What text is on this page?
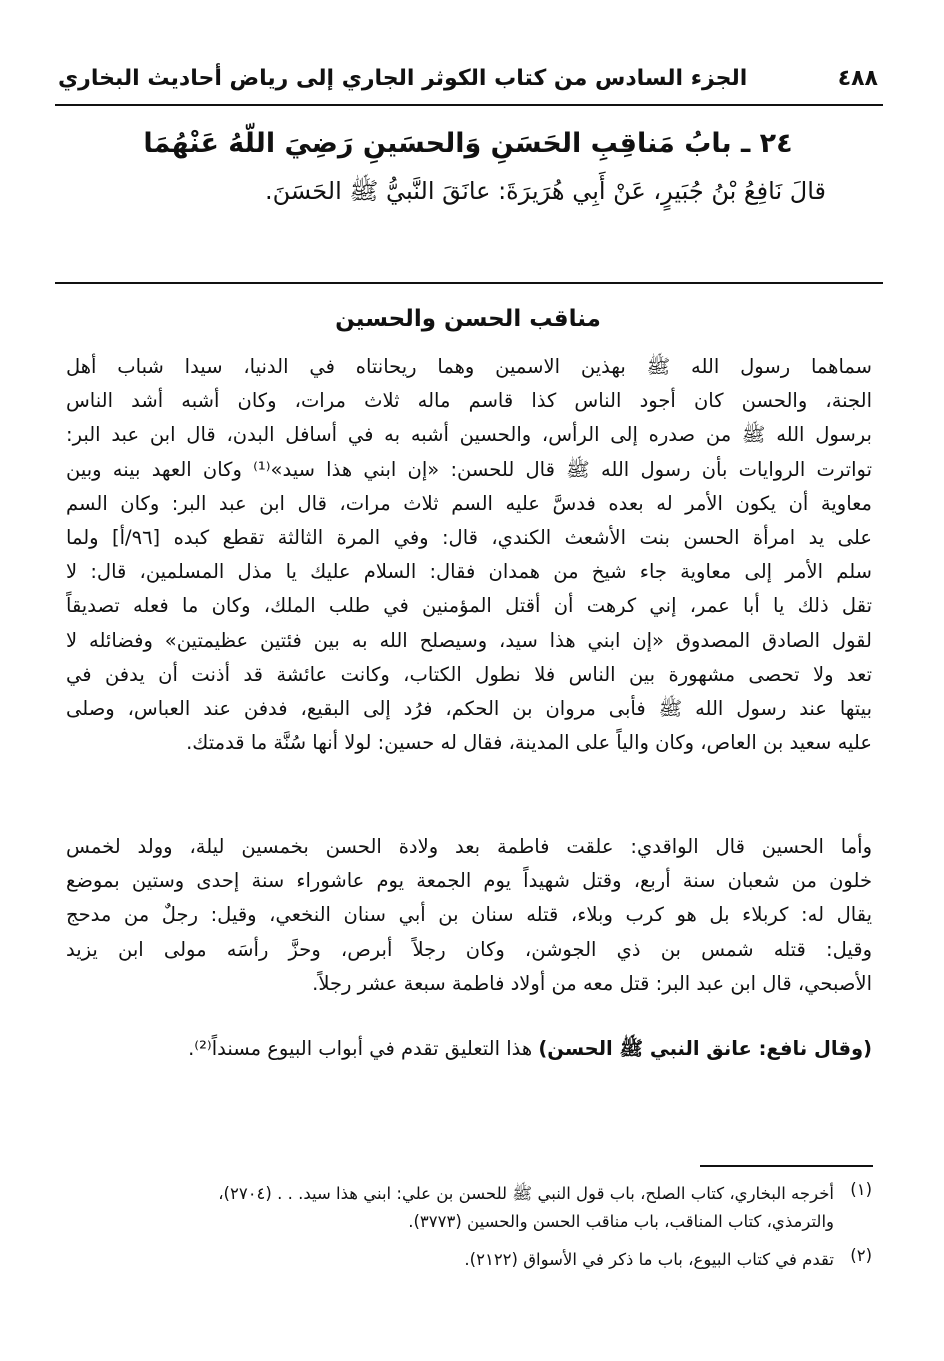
٤٨٨
الجزء السادس من كتاب الكوثر الجاري إلى رياض أحاديث البخاري
٢٤ ـ بابُ مَناقِبِ الحَسَنِ وَالحسَينِ رَضِيَ اللّهُ عَنْهُمَا
قالَ نَافِعُ بْنُ جُبَيرٍ، عَنْ أَبِي هُرَيرَةَ: عانَقَ النَّبيُّ ﷺ الحَسَنَ.
مناقب الحسن والحسين
سماهما رسول الله ﷺ بهذين الاسمين وهما ريحانتاه في الدنيا، سيدا شباب أهل
الجنة، والحسن كان أجود الناس كذا قاسم ماله ثلاث مرات، وكان أشبه أشد الناس
برسول الله ﷺ من صدره إلى الرأس، والحسين أشبه به في أسافل البدن، قال ابن عبد البر:
تواترت الروايات بأن رسول الله ﷺ قال للحسن: «إن ابني هذا سيد»⁽¹⁾ وكان العهد بينه وبين
معاوية أن يكون الأمر له بعده فدسَّ عليه السم ثلاث مرات، قال ابن عبد البر: وكان السم
على يد امرأة الحسن بنت الأشعث الكندي، قال: وفي المرة الثالثة تقطع كبده [٩٦/أ] ولما
سلم الأمر إلى معاوية جاء شيخ من همدان فقال: السلام عليك يا مذل المسلمين، قال: لا
تقل ذلك يا أبا عمر، إني كرهت أن أقتل المؤمنين في طلب الملك، وكان ما فعله تصديقاً
لقول الصادق المصدوق «إن ابني هذا سيد، وسيصلح الله به بين فئتين عظيمتين» وفضائله لا
تعد ولا تحصى مشهورة بين الناس فلا نطول الكتاب، وكانت عائشة قد أذنت أن يدفن في
بيتها عند رسول الله ﷺ فأبى مروان بن الحكم، فرُد إلى البقيع، فدفن عند العباس، وصلى
عليه سعيد بن العاص، وكان والياً على المدينة، فقال له حسين: لولا أنها سُنَّة ما قدمتك.
وأما الحسين قال الواقدي: علقت فاطمة بعد ولادة الحسن بخمسين ليلة، وولد لخمس
خلون من شعبان سنة أربع، وقتل شهيداً يوم الجمعة يوم عاشوراء سنة إحدى وستين بموضع
يقال له: كربلاء بل هو كرب وبلاء، قتله سنان بن أبي سنان النخعي، وقيل: رجلٌ من مدحج
وقيل: قتله شمس بن ذي الجوشن، وكان رجلاً أبرص، وحزَّ رأسَه مولى ابن يزيد
الأصبحي، قال ابن عبد البر: قتل معه من أولاد فاطمة سبعة عشر رجلاً.
(وقال نافع: عانق النبي ﷺ الحسن) هذا التعليق تقدم في أبواب البيوع مسنداً⁽²⁾.
(١)
أخرجه البخاري، كتاب الصلح، باب قول النبي ﷺ للحسن بن علي: ابني هذا سيد. . . (٢٧٠٤)،
والترمذي، كتاب المناقب، باب مناقب الحسن والحسين (٣٧٧٣).
(٢)
تقدم في كتاب البيوع، باب ما ذكر في الأسواق (٢١٢٢).
